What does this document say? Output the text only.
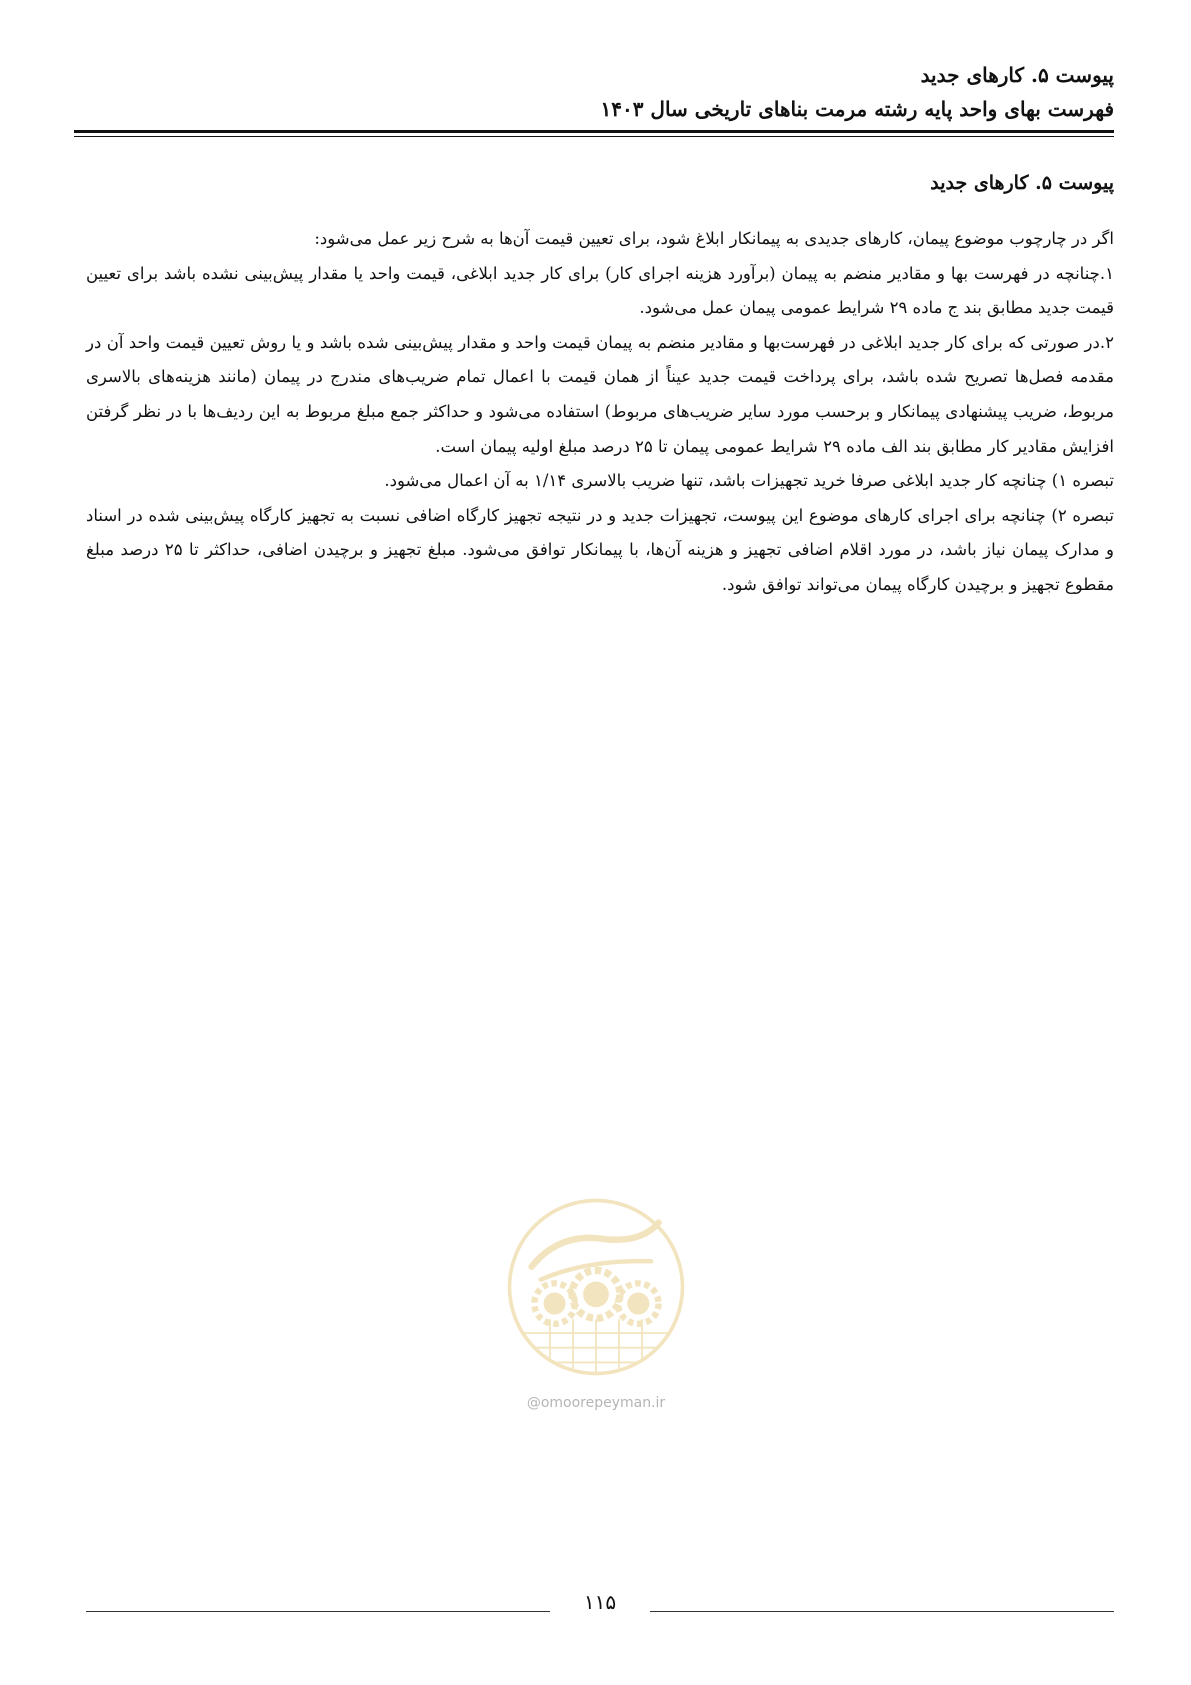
پیوست ۵. کارهای جدید
فهرست بهای واحد پایه رشته مرمت بناهای تاریخی سال ۱۴۰۳
پیوست ۵. کارهای جدید

اگر در چارچوب موضوع پیمان، کارهای جدیدی به پیمانکار ابلاغ شود، برای تعیین قیمت آن‌ها به شرح زیر عمل می‌شود:

۱.چنانچه در فهرست بها و مقادیر منضم به پیمان (برآورد هزینه اجرای کار) برای کار جدید ابلاغی، قیمت واحد یا مقدار پیش‌بینی نشده باشد برای تعیین قیمت جدید مطابق بند ج ماده ۲۹ شرایط عمومی پیمان عمل می‌شود.

۲.در صورتی که برای کار جدید ابلاغی در فهرست‌بها و مقادیر منضم به پیمان قیمت واحد و مقدار پیش‌بینی شده باشد و یا روش تعیین قیمت واحد آن در مقدمه فصل‌ها تصریح شده باشد، برای پرداخت قیمت جدید عیناً از همان قیمت با اعمال تمام ضریب‌های مندرج در پیمان (مانند هزینه‌های بالاسری مربوط، ضریب پیشنهادی پیمانکار و برحسب مورد سایر ضریب‌های مربوط) استفاده می‌شود و حداکثر جمع مبلغ مربوط به این ردیف‌ها با در نظر گرفتن افزایش مقادیر کار مطابق بند الف ماده ۲۹ شرایط عمومی پیمان تا ۲۵ درصد مبلغ اولیه پیمان است.

تبصره ۱) چنانچه کار جدید ابلاغی صرفا خرید تجهیزات باشد، تنها ضریب بالاسری ۱/۱۴ به آن اعمال می‌شود.

تبصره ۲) چنانچه برای اجرای کارهای موضوع این پیوست، تجهیزات جدید و در نتیجه تجهیز کارگاه اضافی نسبت به تجهیز کارگاه پیش‌بینی شده در اسناد و مدارک پیمان نیاز باشد، در مورد اقلام اضافی تجهیز و هزینه آن‌ها، با پیمانکار توافق می‌شود. مبلغ تجهیز و برچیدن اضافی، حداکثر تا ۲۵ درصد مبلغ مقطوع تجهیز و برچیدن کارگاه پیمان می‌تواند توافق شود.

@omoorepeyman.ir
۱۱۵
